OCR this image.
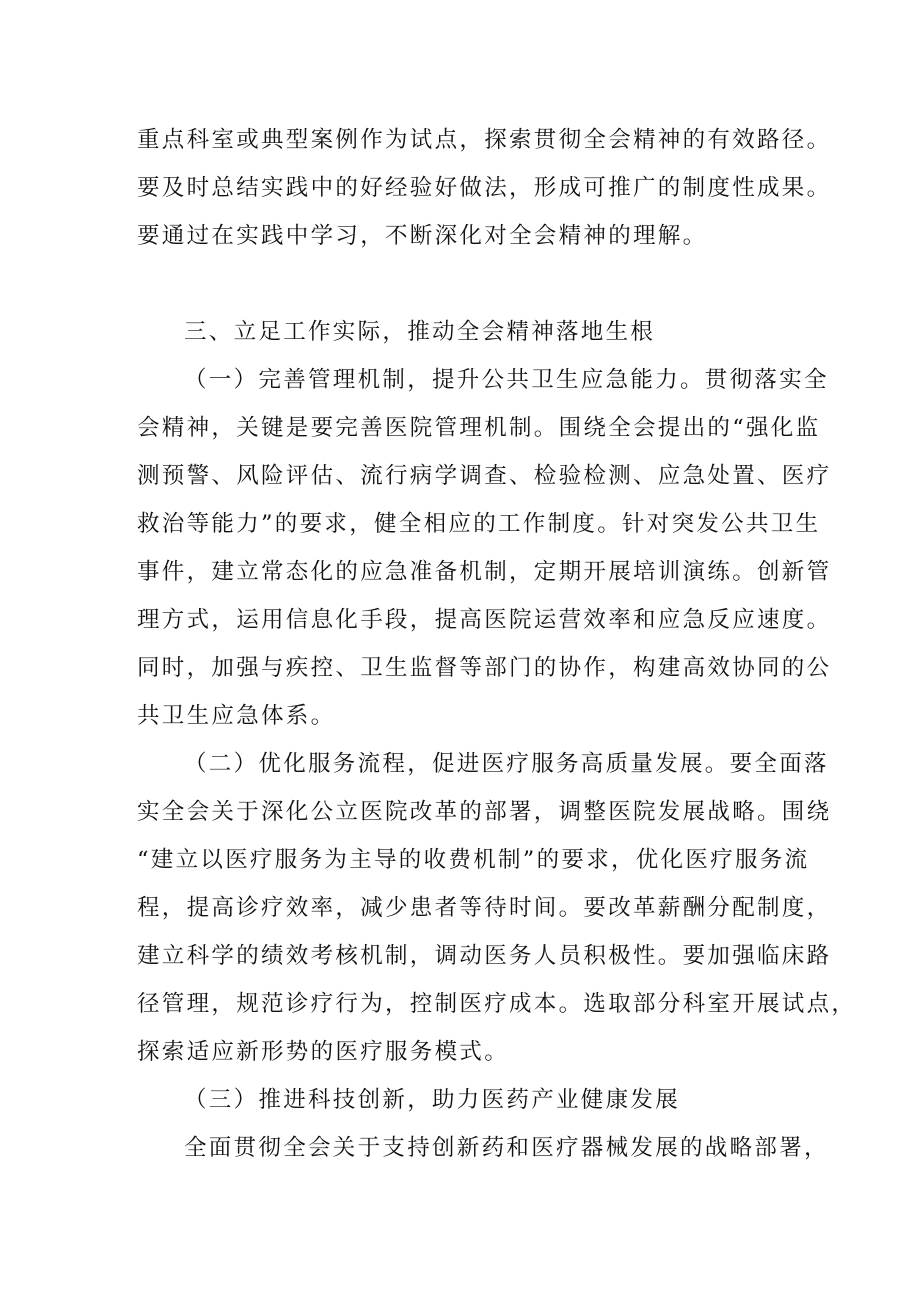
重点科室或典型案例作为试点，探索贯彻全会精神的有效路径。
要及时总结实践中的好经验好做法，形成可推广的制度性成果。
要通过在实践中学习，不断深化对全会精神的理解。
三、立足工作实际，推动全会精神落地生根
（一）完善管理机制，提升公共卫生应急能力。贯彻落实全
会精神，关键是要完善医院管理机制。围绕全会提出的“强化监
测预警、风险评估、流行病学调查、检验检测、应急处置、医疗
救治等能力”的要求，健全相应的工作制度。针对突发公共卫生
事件，建立常态化的应急准备机制，定期开展培训演练。创新管
理方式，运用信息化手段，提高医院运营效率和应急反应速度。
同时，加强与疾控、卫生监督等部门的协作，构建高效协同的公
共卫生应急体系。
（二）优化服务流程，促进医疗服务高质量发展。要全面落
实全会关于深化公立医院改革的部署，调整医院发展战略。围绕
“建立以医疗服务为主导的收费机制”的要求，优化医疗服务流
程，提高诊疗效率，减少患者等待时间。要改革薪酬分配制度，
建立科学的绩效考核机制，调动医务人员积极性。要加强临床路
径管理，规范诊疗行为，控制医疗成本。选取部分科室开展试点，
探索适应新形势的医疗服务模式。
（三）推进科技创新，助力医药产业健康发展
全面贯彻全会关于支持创新药和医疗器械发展的战略部署，
